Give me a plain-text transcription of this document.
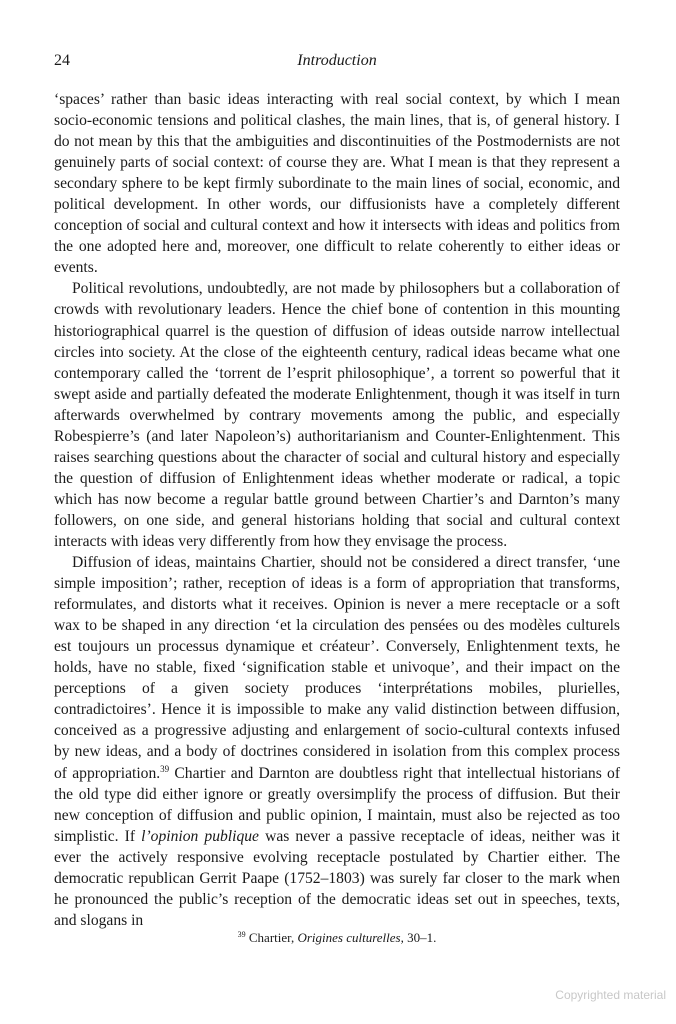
24	Introduction

‘spaces’ rather than basic ideas interacting with real social context, by which I mean socio-economic tensions and political clashes, the main lines, that is, of general history. I do not mean by this that the ambiguities and discontinuities of the Postmodernists are not genuinely parts of social context: of course they are. What I mean is that they represent a secondary sphere to be kept firmly subordinate to the main lines of social, economic, and political development. In other words, our diffusionists have a completely different conception of social and cultural context and how it intersects with ideas and politics from the one adopted here and, moreover, one difficult to relate coherently to either ideas or events.

Political revolutions, undoubtedly, are not made by philosophers but a collaboration of crowds with revolutionary leaders. Hence the chief bone of contention in this mounting historiographical quarrel is the question of diffusion of ideas outside narrow intellectual circles into society. At the close of the eighteenth century, radical ideas became what one contemporary called the ‘torrent de l’esprit philosophique’, a torrent so powerful that it swept aside and partially defeated the moderate Enlightenment, though it was itself in turn afterwards overwhelmed by contrary movements among the public, and especially Robespierre’s (and later Napoleon’s) authoritarianism and Counter-Enlightenment. This raises searching questions about the character of social and cultural history and especially the question of diffusion of Enlightenment ideas whether moderate or radical, a topic which has now become a regular battle ground between Chartier’s and Darnton’s many followers, on one side, and general historians holding that social and cultural context interacts with ideas very differently from how they envisage the process.

Diffusion of ideas, maintains Chartier, should not be considered a direct transfer, ‘une simple imposition’; rather, reception of ideas is a form of appropriation that transforms, reformulates, and distorts what it receives. Opinion is never a mere receptacle or a soft wax to be shaped in any direction ‘et la circulation des pensées ou des modèles culturels est toujours un processus dynamique et créateur’. Conversely, Enlightenment texts, he holds, have no stable, fixed ‘signification stable et univoque’, and their impact on the perceptions of a given society produces ‘interprétations mobiles, plurielles, contradictoires’. Hence it is impossible to make any valid distinction between diffusion, conceived as a progressive adjusting and enlargement of socio-cultural contexts infused by new ideas, and a body of doctrines considered in isolation from this complex process of appropriation.$^{39}$ Chartier and Darnton are doubtless right that intellectual historians of the old type did either ignore or greatly oversimplify the process of diffusion. But their new conception of diffusion and public opinion, I maintain, must also be rejected as too simplistic. If l’opinion publique was never a passive receptacle of ideas, neither was it ever the actively responsive evolving receptacle postulated by Chartier either. The democratic republican Gerrit Paape (1752–1803) was surely far closer to the mark when he pronounced the public’s reception of the democratic ideas set out in speeches, texts, and slogans in

$^{39}$ Chartier, Origines culturelles, 30–1.
Copyrighted material
